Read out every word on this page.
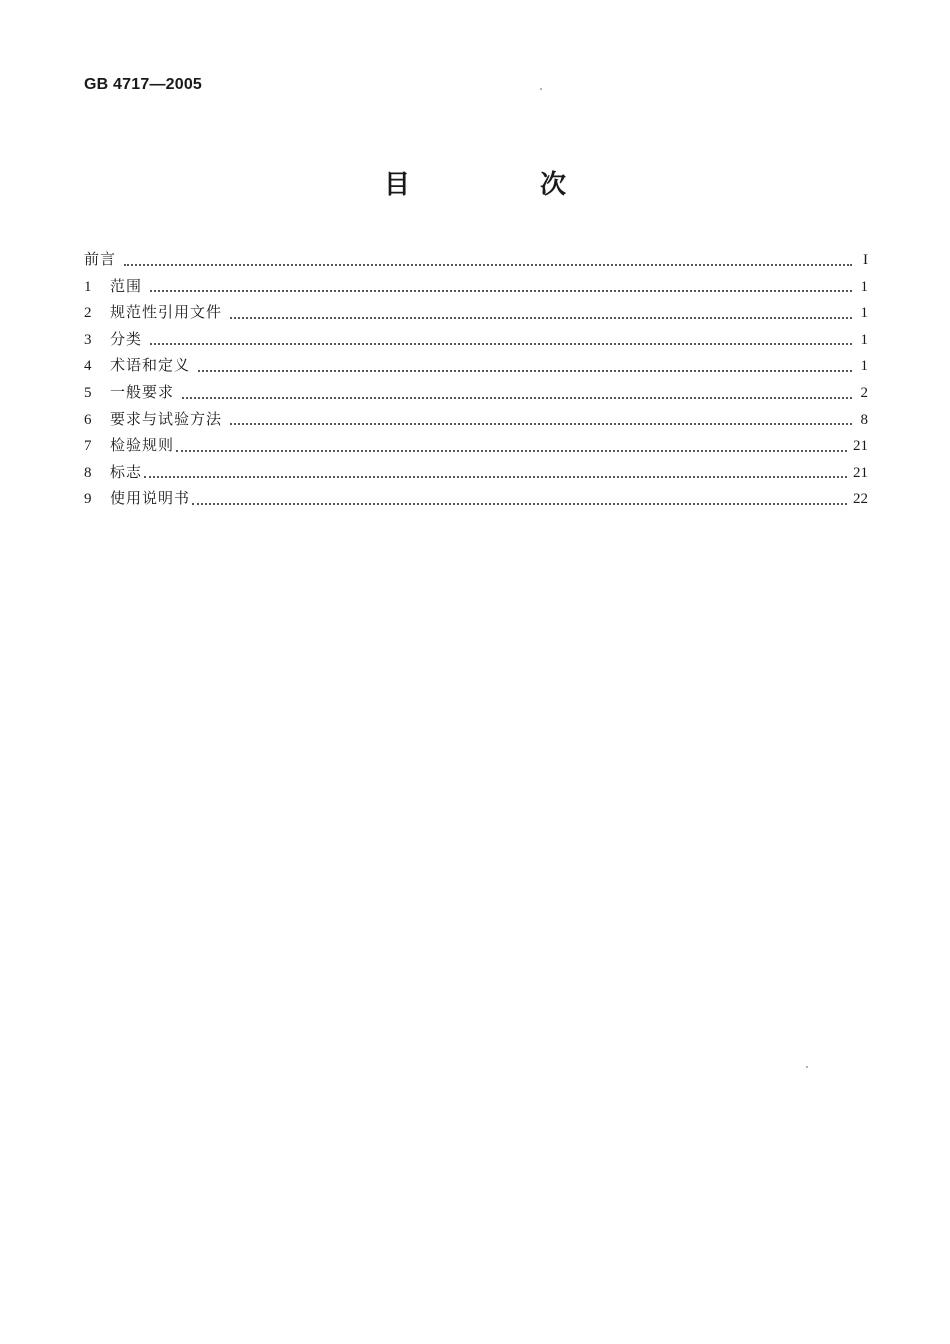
GB 4717—2005
目　次
前言	I
1	范围	1
2	规范性引用文件	1
3	分类	1
4	术语和定义	1
5	一般要求	2
6	要求与试验方法	8
7	检验规则	21
8	标志	21
9	使用说明书	22
